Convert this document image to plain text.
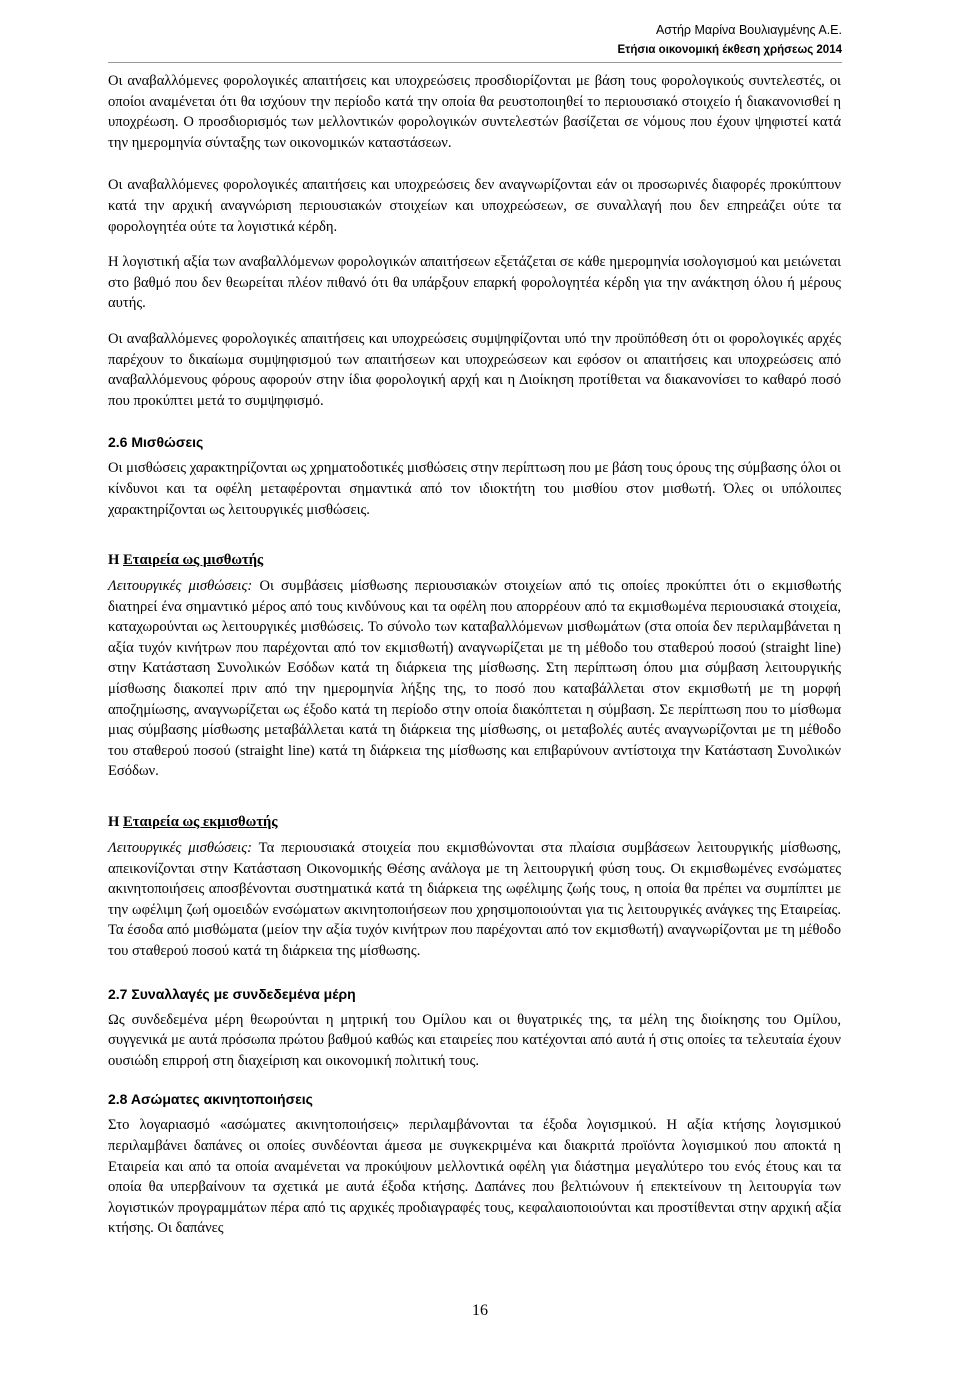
Αστήρ Μαρίνα Βουλιαγμένης Α.Ε.
Ετήσια οικονομική έκθεση χρήσεως 2014

Οι αναβαλλόμενες φορολογικές απαιτήσεις και υποχρεώσεις προσδιορίζονται με βάση τους φορολογικούς συντελεστές, οι οποίοι αναμένεται ότι θα ισχύουν την περίοδο κατά την οποία θα ρευστοποιηθεί το περιουσιακό στοιχείο ή διακανονισθεί η υποχρέωση. Ο προσδιορισμός των μελλοντικών φορολογικών συντελεστών βασίζεται σε νόμους που έχουν ψηφιστεί κατά την ημερομηνία σύνταξης των οικονομικών καταστάσεων.

Οι αναβαλλόμενες φορολογικές απαιτήσεις και υποχρεώσεις δεν αναγνωρίζονται εάν οι προσωρινές διαφορές προκύπτουν κατά την αρχική αναγνώριση περιουσιακών στοιχείων και υποχρεώσεων, σε συναλλαγή που δεν επηρεάζει ούτε τα φορολογητέα ούτε τα λογιστικά κέρδη.

Η λογιστική αξία των αναβαλλόμενων φορολογικών απαιτήσεων εξετάζεται σε κάθε ημερομηνία ισολογισμού και μειώνεται στο βαθμό που δεν θεωρείται πλέον πιθανό ότι θα υπάρξουν επαρκή φορολογητέα κέρδη για την ανάκτηση όλου ή μέρους αυτής.

Οι αναβαλλόμενες φορολογικές απαιτήσεις και υποχρεώσεις συμψηφίζονται υπό την προϋπόθεση ότι οι φορολογικές αρχές παρέχουν το δικαίωμα συμψηφισμού των απαιτήσεων και υποχρεώσεων και εφόσον οι απαιτήσεις και υποχρεώσεις από αναβαλλόμενους φόρους αφορούν στην ίδια φορολογική αρχή και η Διοίκηση προτίθεται να διακανονίσει το καθαρό ποσό που προκύπτει μετά το συμψηφισμό.

2.6 Μισθώσεις

Οι μισθώσεις χαρακτηρίζονται ως χρηματοδοτικές μισθώσεις στην περίπτωση που με βάση τους όρους της σύμβασης όλοι οι κίνδυνοι και τα οφέλη μεταφέρονται σημαντικά από τον ιδιοκτήτη του μισθίου στον μισθωτή. Όλες οι υπόλοιπες χαρακτηρίζονται ως λειτουργικές μισθώσεις.

Η Εταιρεία ως μισθωτής

Λειτουργικές μισθώσεις: Οι συμβάσεις μίσθωσης περιουσιακών στοιχείων από τις οποίες προκύπτει ότι ο εκμισθωτής διατηρεί ένα σημαντικό μέρος από τους κινδύνους και τα οφέλη που απορρέουν από τα εκμισθωμένα περιουσιακά στοιχεία, καταχωρούνται ως λειτουργικές μισθώσεις. Το σύνολο των καταβαλλόμενων μισθωμάτων (στα οποία δεν περιλαμβάνεται η αξία τυχόν κινήτρων που παρέχονται από τον εκμισθωτή) αναγνωρίζεται με τη μέθοδο του σταθερού ποσού (straight line) στην Κατάσταση Συνολικών Εσόδων κατά τη διάρκεια της μίσθωσης. Στη περίπτωση όπου μια σύμβαση λειτουργικής μίσθωσης διακοπεί πριν από την ημερομηνία λήξης της, το ποσό που καταβάλλεται στον εκμισθωτή με τη μορφή αποζημίωσης, αναγνωρίζεται ως έξοδο κατά τη περίοδο στην οποία διακόπτεται η σύμβαση. Σε περίπτωση που το μίσθωμα μιας σύμβασης μίσθωσης μεταβάλλεται κατά τη διάρκεια της μίσθωσης, οι μεταβολές αυτές αναγνωρίζονται με τη μέθοδο του σταθερού ποσού (straight line) κατά τη διάρκεια της μίσθωσης και επιβαρύνουν αντίστοιχα την Κατάσταση Συνολικών Εσόδων.

Η Εταιρεία ως εκμισθωτής

Λειτουργικές μισθώσεις: Τα περιουσιακά στοιχεία που εκμισθώνονται στα πλαίσια συμβάσεων λειτουργικής μίσθωσης, απεικονίζονται στην Κατάσταση Οικονομικής Θέσης ανάλογα με τη λειτουργική φύση τους. Οι εκμισθωμένες ενσώματες ακινητοποιήσεις αποσβένονται συστηματικά κατά τη διάρκεια της ωφέλιμης ζωής τους, η οποία θα πρέπει να συμπίπτει με την ωφέλιμη ζωή ομοειδών ενσώματων ακινητοποιήσεων που χρησιμοποιούνται για τις λειτουργικές ανάγκες της Εταιρείας. Τα έσοδα από μισθώματα (μείον την αξία τυχόν κινήτρων που παρέχονται από τον εκμισθωτή) αναγνωρίζονται με τη μέθοδο του σταθερού ποσού κατά τη διάρκεια της μίσθωσης.

2.7 Συναλλαγές με συνδεδεμένα μέρη

Ως συνδεδεμένα μέρη θεωρούνται η μητρική του Ομίλου και οι θυγατρικές της, τα μέλη της διοίκησης του Ομίλου, συγγενικά με αυτά πρόσωπα πρώτου βαθμού καθώς και εταιρείες που κατέχονται από αυτά ή στις οποίες τα τελευταία έχουν ουσιώδη επιρροή στη διαχείριση και οικονομική πολιτική τους.

2.8 Ασώματες ακινητοποιήσεις

Στο λογαριασμό «ασώματες ακινητοποιήσεις» περιλαμβάνονται τα έξοδα λογισμικού. Η αξία κτήσης λογισμικού περιλαμβάνει δαπάνες οι οποίες συνδέονται άμεσα με συγκεκριμένα και διακριτά προϊόντα λογισμικού που αποκτά η Εταιρεία και από τα οποία αναμένεται να προκύψουν μελλοντικά οφέλη για διάστημα μεγαλύτερο του ενός έτους και τα οποία θα υπερβαίνουν τα σχετικά με αυτά έξοδα κτήσης. Δαπάνες που βελτιώνουν ή επεκτείνουν τη λειτουργία των λογιστικών προγραμμάτων πέρα από τις αρχικές προδιαγραφές τους, κεφαλαιοποιούνται και προστίθενται στην αρχική αξία κτήσης. Οι δαπάνες

16
